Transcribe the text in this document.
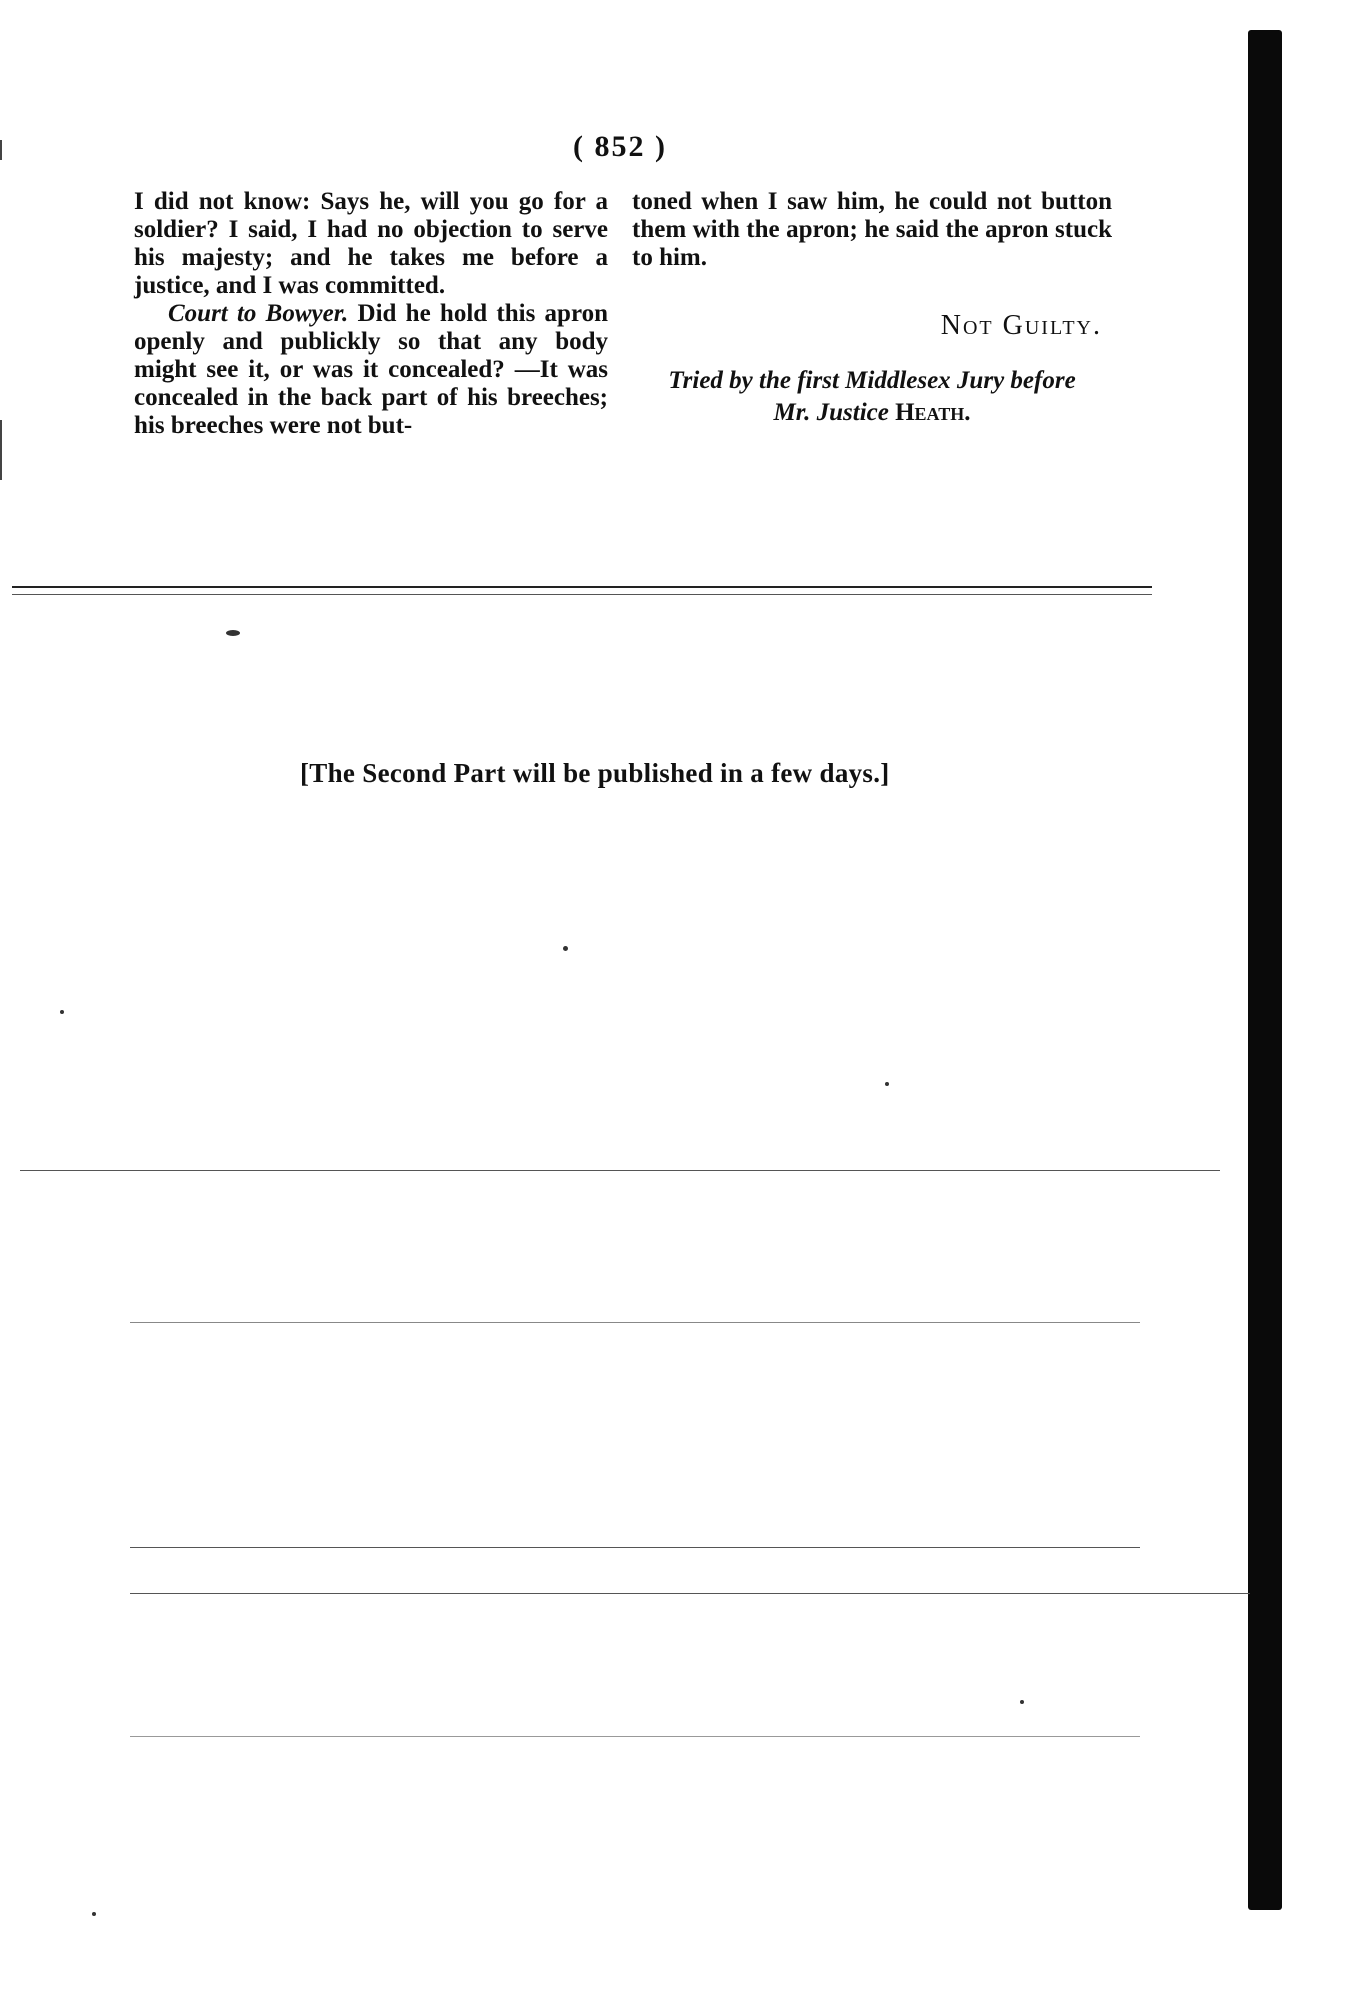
( 852 )

I did not know: Says he, will you go for a soldier? I said, I had no objection to serve his majesty; and he takes me before a justice, and I was committed.

Court to Bowyer. Did he hold this apron openly and publickly so that any body might see it, or was it concealed? —It was concealed in the back part of his breeches; his breeches were not but-

toned when I saw him, he could not button them with the apron; he said the apron stuck to him.

Not Guilty.
Tried by the first Middlesex Jury before
Mr. Justice Heath.
[The Second Part will be published in a few days.]
